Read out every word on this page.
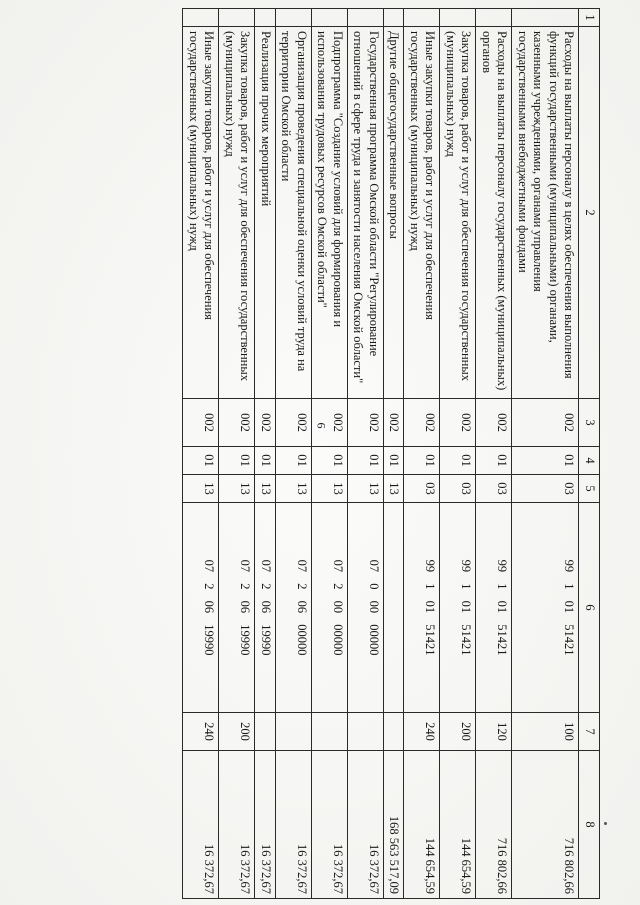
6
1	2	3	4	5	6	7	8
	Расходы на выплаты персоналу в целях обеспечения выполнения функций государственными (муниципальными) органами, казенными учреждениями, органами управления государственными внебюджетными фондами	002	01	03	99 1 01 51421	100	716 802,66
	Расходы на выплаты персоналу государственных (муниципальных) органов	002	01	03	99 1 01 51421	120	716 802,66
	Закупка товаров, работ и услуг для обеспечения государственных (муниципальных) нужд	002	01	03	99 1 01 51421	200	144 654,59
	Иные закупки товаров, работ и услуг для обеспечения государственных (муниципальных) нужд	002	01	03	99 1 01 51421	240	144 654,59
	Другие общегосударственные вопросы	002	01	13			168 563 517,09
	Государственная программа Омской области "Регулирование отношений в сфере труда и занятости населения Омской области"	002	01	13	07 0 00 00000		16 372,67
	Подпрограмма "Создание условий для формирования и использования трудовых ресурсов Омской области"	002	01	13	07 2 00 00000		16 372,67
	Организация проведения специальной оценки условий труда на территории Омской области	002	01	13	07 2 06 00000		16 372,67
	Реализация прочих мероприятий	002	01	13	07 2 06 19990		16 372,67
	Закупка товаров, работ и услуг для обеспечения государственных (муниципальных) нужд	002	01	13	07 2 06 19990	200	16 372,67
	Иные закупки товаров, работ и услуг для обеспечения государственных (муниципальных) нужд	002	01	13	07 2 06 19990	240	16 372,67
